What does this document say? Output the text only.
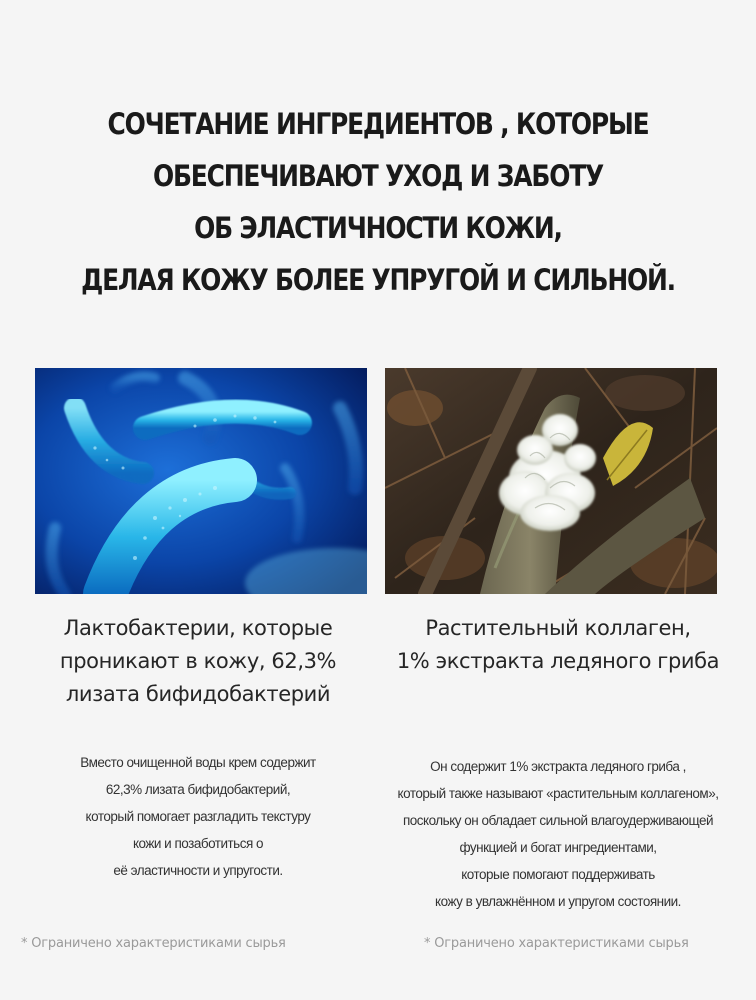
СОЧЕТАНИЕ ИНГРЕДИЕНТОВ , КОТОРЫЕ
ОБЕСПЕЧИВАЮТ УХОД И ЗАБОТУ
ОБ ЭЛАСТИЧНОСТИ КОЖИ,
ДЕЛАЯ КОЖУ БОЛЕЕ УПРУГОЙ И СИЛЬНОЙ.

Лактобактерии, которые
проникают в кожу, 62,3%
лизата бифидобактерий

Вместо очищенной воды крем содержит
62,3% лизата бифидобактерий,
который помогает разгладить текстуру
кожи и позаботиться о
её эластичности и упругости.

Растительный коллаген,
1% экстракта ледяного гриба

Он содержит 1% экстракта ледяного гриба ,
который также называют «растительным коллагеном»,
поскольку он обладает сильной влагоудерживающей
функцией и богат ингредиентами,
которые помогают поддерживать
кожу в увлажнённом и упругом состоянии.
* Ограничено характеристиками сырья	* Ограничено характеристиками сырья
